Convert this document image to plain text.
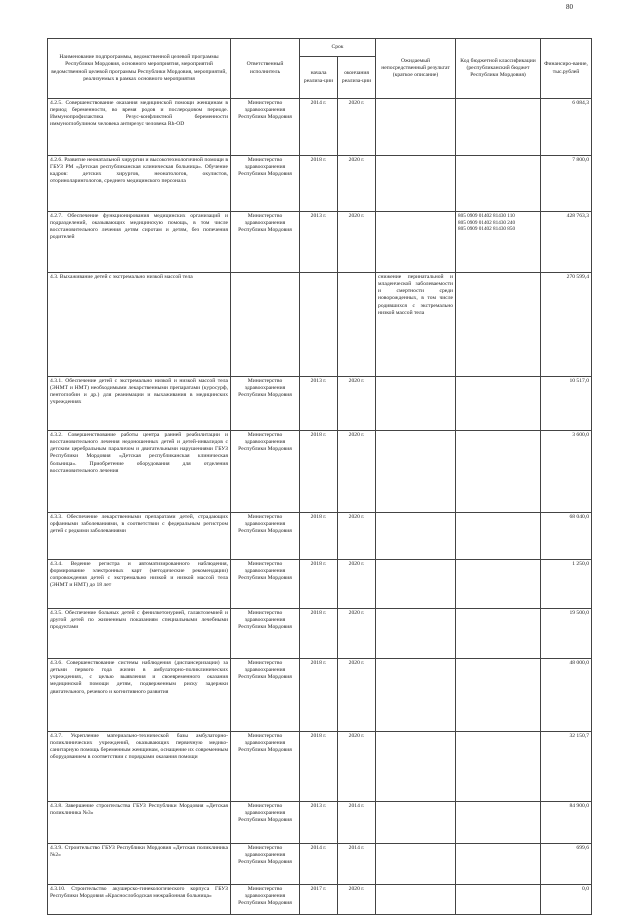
80
Наименование подпрограммы, ведомственной целевой программы Республики Мордовия, основного мероприятия, мероприятий ведомственной целевой программы Республики Мордовия, мероприятий, реализуемых в рамках основного мероприятия	Ответственный исполнитель	Срок		Ожидаемый непосредственный результат (краткое описание)	Код бюджетной классификации (республиканский бюджет Республики Мордовия)	Финансиро-вание, тыс.рублей
		начала реализа-ции	окончания реализа-ции			
4.2.5. Совершенствование оказания медицинской помощи женщинам в период беременности, во время родов и послеродовом периоде. Иммунопрофилактика Резус-конфликтной беременности иммуноглобулином человека антирезус человека Rh-OD	Министерство здравоохранения Республики Мордовия	2014 г.	2020 г.			6 084,3
4.2.6. Развитие неонатальной хирургии и высокотехнологичной помощи в ГБУЗ РМ «Детская республиканская клиническая больница». Обучение кадров: детских хирургов, неонатологов, окулистов, оториноларингологов, среднего медицинского персонала	Министерство здравоохранения Республики Мордовия	2018 г.	2020 г.			7 800,0
4.2.7. Обеспечение функционирования медицинских организаций и подразделений, оказывающих медицинскую помощь, в том числе восстановительного лечения детям сиротам и детям, без попечения родителей	Министерство здравоохранения Республики Мордовия	2013 г.	2020 г.		805 0909 01402 81430 110
805 0909 01402 81430 240
805 0909 01402 81430 850	428 763,3
4.3. Выхаживание детей с экстремально низкой массой тела				снижение перинатальной и младенческой заболеваемости и смертности среди новорожденных, в том числе родившихся с экстремально низкой массой тела		270 599,4
4.3.1. Обеспечение детей с экстремально низкой и низкой массой тела (ЭНМТ и НМТ) необходимыми лекарственными препаратами (куросурф, пентоглобин и др.) для реанимации и выхаживания в медицинских учреждениях	Министерство здравоохранения Республики Мордовия	2013 г.	2020 г.			10 517,0
4.3.2. Совершенствование работы центра ранней реабилитации и восстановительного лечения недоношенных детей и детей-инвалидов с детским церебральным параличом и двигательными нарушениями ГБУЗ Республики Мордовия «Детская республиканская клиническая больница». Приобретение оборудования для отделения восстановительного лечения	Министерство здравоохранения Республики Мордовия	2018 г.	2020 г.			3 600,0
4.3.3. Обеспечение лекарственными препаратами детей, страдающих орфанными заболеваниями, в соответствии с федеральным регистром детей с редкими заболеваниями	Министерство здравоохранения Республики Мордовия	2018 г.	2020 г.			68 040,0
4.3.4. Ведение регистра и автоматизированного наблюдения, формирование электронных карт (методические рекомендации) сопровождения детей с экстремально низкой и низкой массой тела (ЭНМТ и НМТ) до 18 лет	Министерство здравоохранения Республики Мордовия	2018 г.	2020 г.			1 250,0
4.3.5. Обеспечение больных детей с фенилкетонурией, галактоземией и другой детей по жизненным показаниям специальными лечебными продуктами	Министерство здравоохранения Республики Мордовия	2018 г.	2020 г.			19 500,0
4.3.6. Совершенствование системы наблюдения (диспансеризации) за детьми первого года жизни в амбулаторно-поликлинических учреждениях, с целью выявления и своевременного оказания медицинской помощи детям, подверженным риску задержки двигательного, речевого и когнитивного развития	Министерство здравоохранения Республики Мордовия	2018 г.	2020 г.			48 000,0
4.3.7. Укрепление материально-технической базы амбулаторно-поликлинических учреждений, оказывающих первичную медико-санитарную помощь беременным женщинам, оснащение их современным оборудованием в соответствии с порядками оказания помощи	Министерство здравоохранения Республики Мордовия	2018 г.	2020 г.			32 150,7
4.3.8. Завершение строительства ГБУЗ Республики Мордовия «Детская поликлиника №3»	Министерство здравоохранения Республики Мордовия	2013 г.	2014 г.			84 900,0
4.3.9. Строительство ГБУЗ Республики Мордовия «Детская поликлиника №2»	Министерство здравоохранения Республики Мордовия	2014 г.	2014 г.			699,6
4.3.10. Строительство акушерско-гинекологического корпуса ГБУЗ Республики Мордовия «Краснослободская межрайонная больница»	Министерство здравоохранения Республики Мордовия	2017 г.	2020 г.			0,0
